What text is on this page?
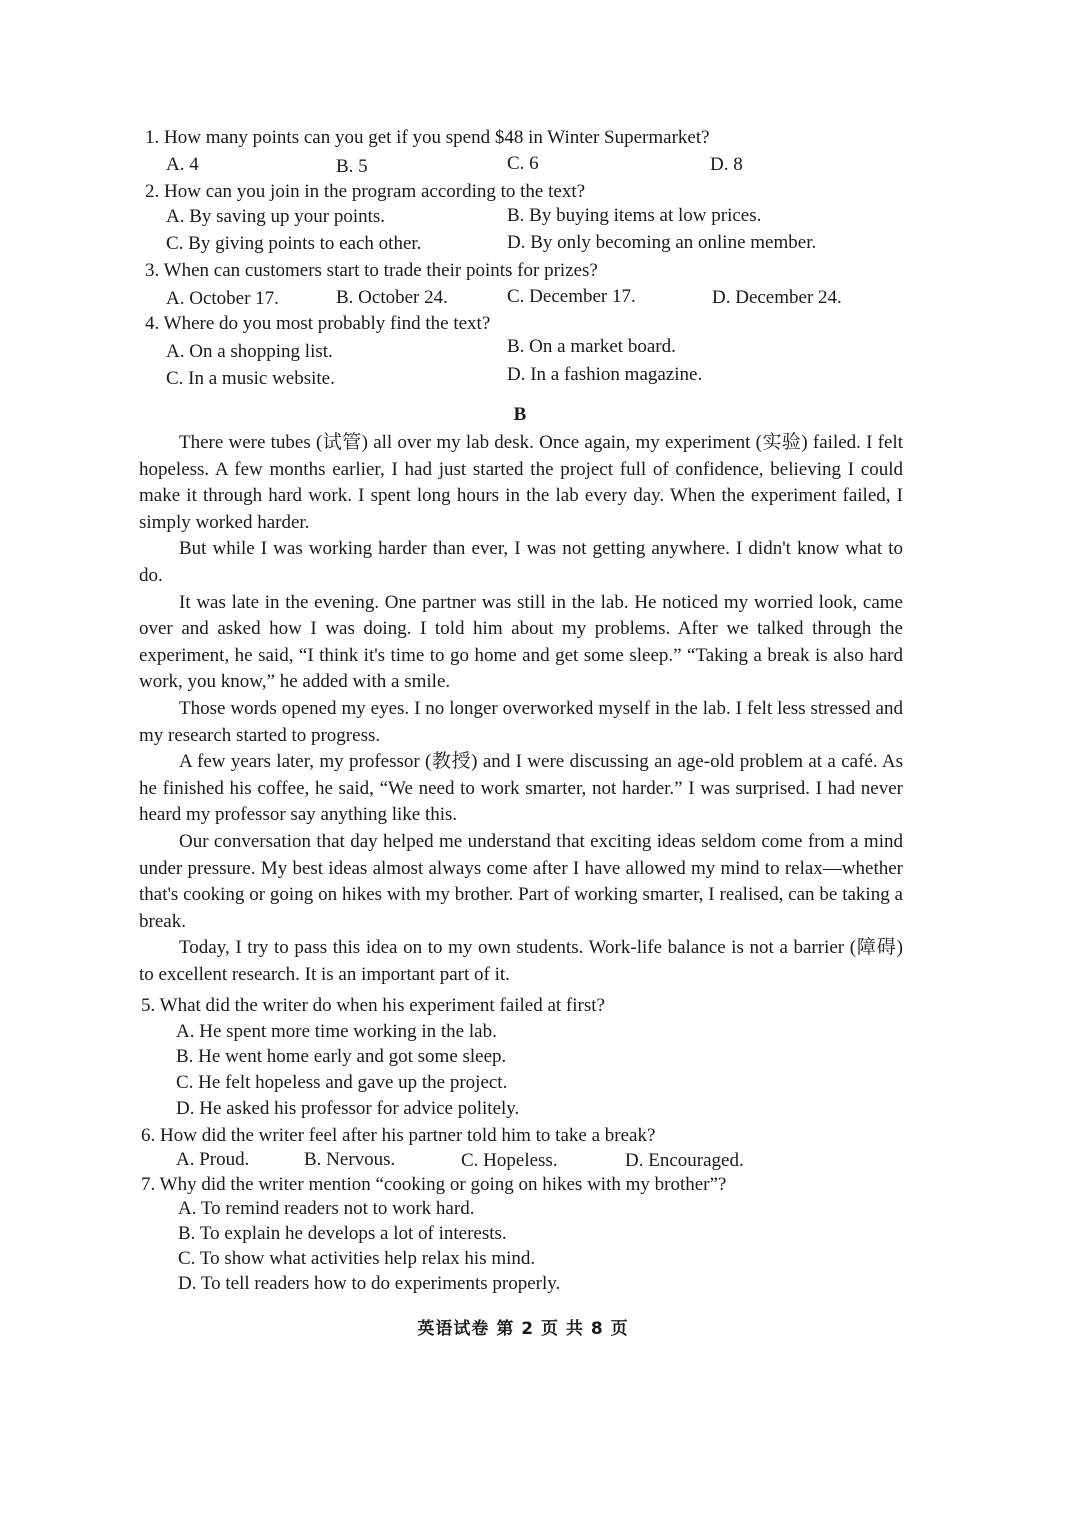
1. How many points can you get if you spend $48 in Winter Supermarket?
A. 4	B. 5	C. 6	D. 8
2. How can you join in the program according to the text?
A. By saving up your points.	B. By buying items at low prices.
C. By giving points to each other.	D. By only becoming an online member.
3. When can customers start to trade their points for prizes?
A. October 17.	B. October 24.	C. December 17.	D. December 24.
4. Where do you most probably find the text?
A. On a shopping list.	B. On a market board.
C. In a music website.	D. In a fashion magazine.
B

There were tubes (试管) all over my lab desk. Once again, my experiment (实验) failed. I felt hopeless. A few months earlier, I had just started the project full of confidence, believing I could make it through hard work. I spent long hours in the lab every day. When the experiment failed, I simply worked harder.

But while I was working harder than ever, I was not getting anywhere. I didn't know what to do.

It was late in the evening. One partner was still in the lab. He noticed my worried look, came over and asked how I was doing. I told him about my problems. After we talked through the experiment, he said, “I think it's time to go home and get some sleep.” “Taking a break is also hard work, you know,” he added with a smile.

Those words opened my eyes. I no longer overworked myself in the lab. I felt less stressed and my research started to progress.

A few years later, my professor (教授) and I were discussing an age-old problem at a café. As he finished his coffee, he said, “We need to work smarter, not harder.” I was surprised. I had never heard my professor say anything like this.

Our conversation that day helped me understand that exciting ideas seldom come from a mind under pressure. My best ideas almost always come after I have allowed my mind to relax—whether that's cooking or going on hikes with my brother. Part of working smarter, I realised, can be taking a break.

Today, I try to pass this idea on to my own students. Work-life balance is not a barrier (障碍) to excellent research. It is an important part of it.

5. What did the writer do when his experiment failed at first?
A. He spent more time working in the lab.
B. He went home early and got some sleep.
C. He felt hopeless and gave up the project.
D. He asked his professor for advice politely.
6. How did the writer feel after his partner told him to take a break?
A. Proud.	B. Nervous.	C. Hopeless.	D. Encouraged.
7. Why did the writer mention “cooking or going on hikes with my brother”?
A. To remind readers not to work hard.
B. To explain he develops a lot of interests.
C. To show what activities help relax his mind.
D. To tell readers how to do experiments properly.
英语试卷 第 2 页 共 8 页
